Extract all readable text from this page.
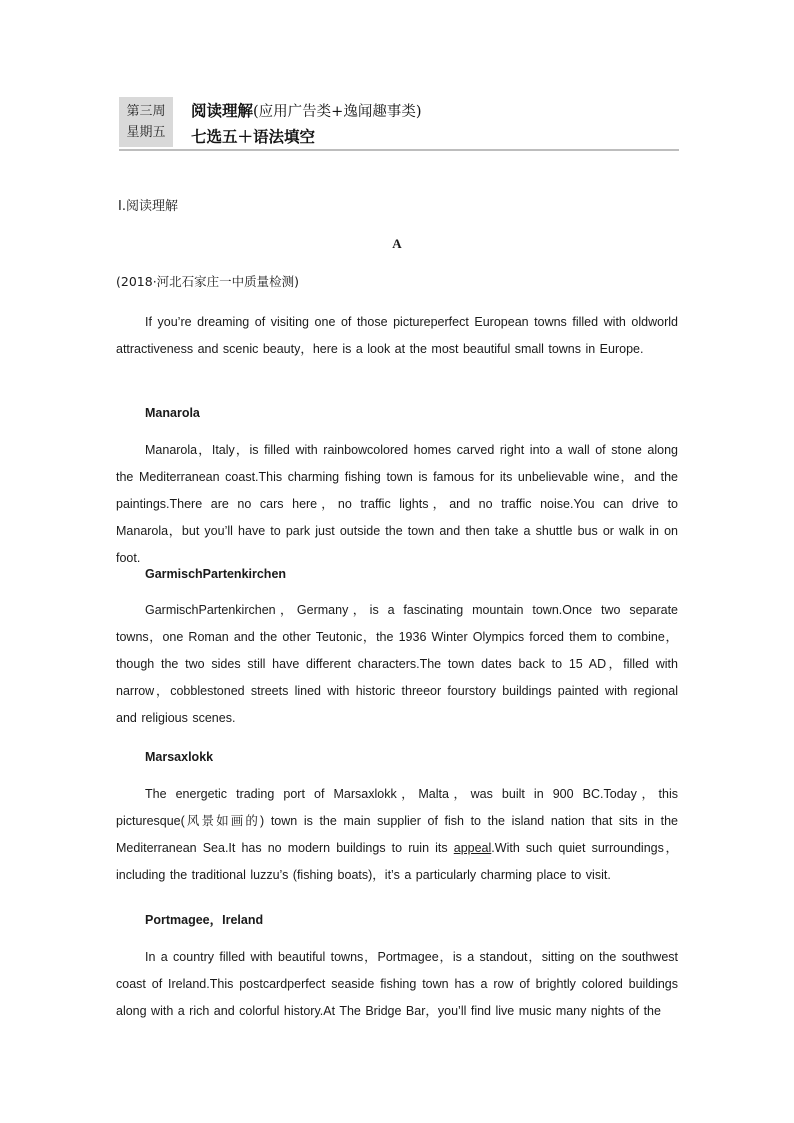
第三周
星期五
阅读理解(应用广告类+逸闻趣事类)
七选五＋语法填空
Ⅰ.阅读理解
A
(2018·河北石家庄一中质量检测)
If you’re dreaming of visiting one of those pictureperfect European towns filled with oldworld attractiveness and scenic beauty，here is a look at the most beautiful small towns in Europe.
Manarola
Manarola，Italy，is filled with rainbowcolored homes carved right into a wall of stone along the Mediterranean coast.This charming fishing town is famous for its unbelievable wine，and the paintings.There are no cars here，no traffic lights，and no traffic noise.You can drive to Manarola，but you’ll have to park just outside the town and then take a shuttle bus or walk in on foot.
GarmischPartenkirchen
GarmischPartenkirchen，Germany，is a fascinating mountain town.Once two separate towns，one Roman and the other Teutonic，the 1936 Winter Olympics forced them to combine，though the two sides still have different characters.The town dates back to 15 AD，filled with narrow，cobblestoned streets lined with historic threeor fourstory buildings painted with regional and religious scenes.
Marsaxlokk
The energetic trading port of Marsaxlokk，Malta，was built in 900 BC.Today，this picturesque(风景如画的) town is the main supplier of fish to the island nation that sits in the Mediterranean Sea.It has no modern buildings to ruin its appeal.With such quiet surroundings，including the traditional luzzu’s (fishing boats)，it’s a particularly charming place to visit.
Portmagee，Ireland
In a country filled with beautiful towns，Portmagee，is a standout，sitting on the southwest coast of Ireland.This postcardperfect seaside fishing town has a row of brightly colored buildings along with a rich and colorful history.At The Bridge Bar，you’ll find live music many nights of the
